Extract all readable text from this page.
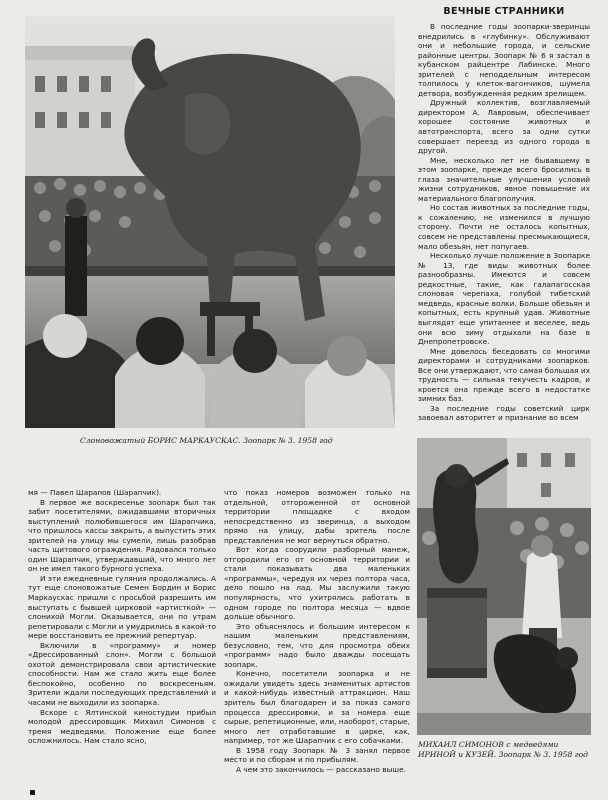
Слоновожатый БОРИС МАРКАУСКАС. Зоопарк № 3. 1958 год
ВЕЧНЫЕ СТРАННИКИ

В последние годы зоопарки-зверинцы внедрились в «глубинку». Обслуживают они и небольшие города, и сельские районные центры. Зоопарк № 6 я застал в кубанском райцентре Лабинске. Много зрителей с неподдельным интересом толпилось у клеток-вагончиков, шумела детвора, возбужденная редким зрелищем.

Дружный коллектив, возглавляемый директором А. Лавровым, обеспечивает хорошее состояние животных и автотранспорта, всего за одни сутки совершает переезд из одного города в другой.

Мне, несколько лет не бывавшему в этом зоопарке, прежде всего бросились в глаза значительные улучшения условий жизни сотрудников, явное повышение их материального благополучия.

Но состав животных за последние годы, к сожалению, не изменился в лучшую сторону. Почти не осталось копытных, совсем не представлены пресмыкающиеся, мало обезьян, нет попугаев.

Несколько лучше положение в Зоопарке № 13, где виды животных более разнообразны. Имеются и совсем редкостные, такие, как галапагосская слоновая черепаха, голубой тибетский медведь, красные волки. Больше обезьян и копытных, есть крупный удав. Животные выглядят еще упитаннее и веселее, ведь они всю зиму отдыхали на базе в Днепропетровске.

Мне довелось беседовать со многими директорами и сотрудниками зоопарков. Все они утверждают, что самая большая их трудность — сильная текучесть кадров, и кроется она прежде всего в недостатке зимних баз.

За последние годы советский цирк завоевал авторитет и признание во всем

мя — Павел Шарапов (Шарапчик).

В первое же воскресенье зоопарк был так забит посетителями, ожидавшими вторичных выступлений полюбившегося им Шарапчика, что пришлось кассы закрыть, а выпустить этих зрителей на улицу мы сумели, лишь разобрав часть щитового ограждения. Радовался только один Шарапчик, утверждавший, что много лет он не имел такого бурного успеха.

И эти ежедневные гуляния продолжались. А тут еще слоновожатые Семен Бордин и Борис Маркаускас пришли с просьбой разрешить им выступать с бывшей цирковой «артисткой» — слонихой Могли. Оказывается, они по утрам репетировали с Могли и умудрились в какой-то мере восстановить ее прежний репертуар.

Включили в «программу» и номер «Дрессированный слон». Могли с большой охотой демонстрировала свои артистические способности. Нам же стало жить еще более беспокойно, особенно по воскресеньям. Зрители ждали последующих представлений и часами не выходили из зоопарка.

Вскоре с Ялтинской киностудии прибыл молодой дрессировщик Михаил Симонов с тремя медведями. Положение еще более осложнилось. Нам стало ясно,

что показ номеров возможен только на отдельной, отгороженной от основной территории площадке с входом непосредственно из зверинца, а выходом прямо на улицу, дабы зритель после представления не мог вернуться обратно.

Вот когда соорудили разборный манеж, отгородили его от основной территории и стали показывать два маленьких «программы», чередуя их через полтора часа, дело пошло на лад. Мы заслужили такую популярность, что ухитрялись работать в одном городе по полтора месяца — вдвое дольше обычного.

Это объяснялось и большим интересом к нашим маленьким представлениям, безусловно, тем, что для просмотра обеих «программ» надо было дважды посещать зоопарк.

Конечно, посетители зоопарка и не ожидали увидеть здесь знаменитых артистов и какой-нибудь известный аттракцион. Наш зритель был благодарен и за показ самого процесса дрессировки, и за номера еще сырые, репетиционные, или, наоборот, старые, много лет отработавшие в цирке, как, например, тот же Шарапчик с его собачками.

В 1958 году Зоопарк № 3 занял первое место и по сборам и по прибылям.

А чем это закончилось — рассказано выше.

МИХАИЛ СИМОНОВ с медведями ИРИНОЙ и КУЗЕЙ. Зоопарк № 3. 1958 год
